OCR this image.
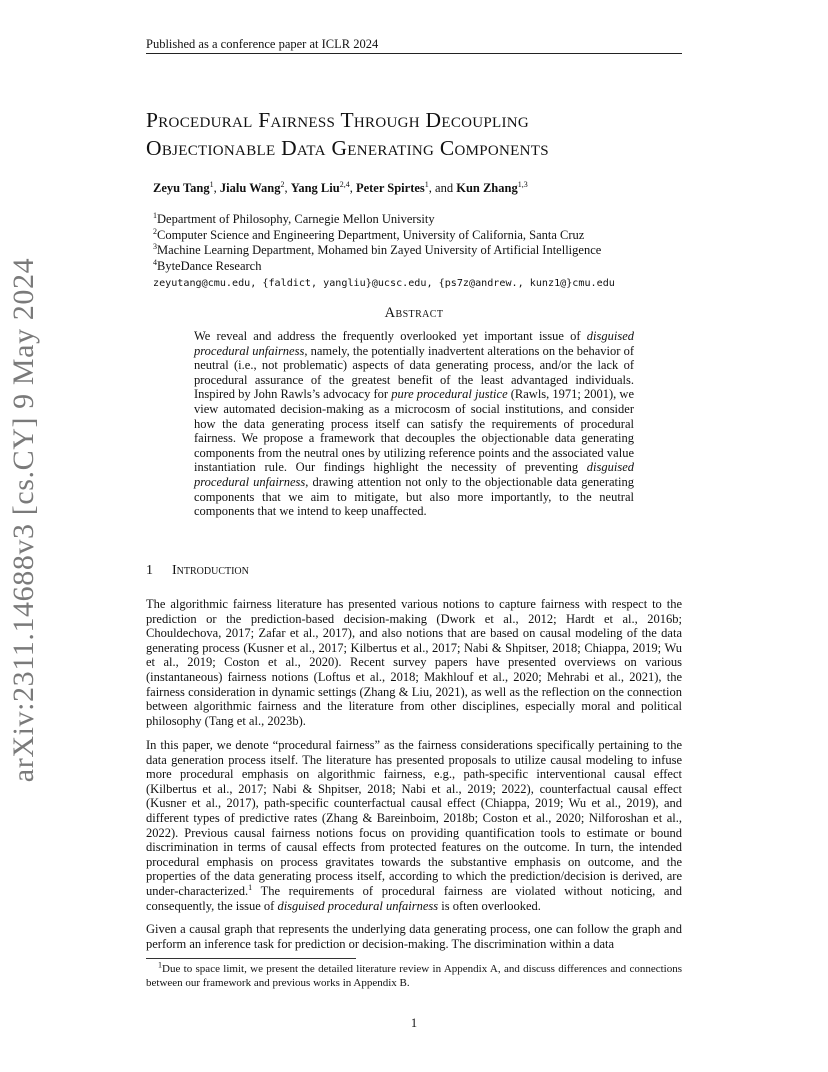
Published as a conference paper at ICLR 2024
Procedural Fairness Through Decoupling
Objectionable Data Generating Components
Zeyu Tang$^1$, Jialu Wang$^2$, Yang Liu$^{2,4}$, Peter Spirtes$^1$, and Kun Zhang$^{1,3}$
$^1$Department of Philosophy, Carnegie Mellon University
$^2$Computer Science and Engineering Department, University of California, Santa Cruz
$^3$Machine Learning Department, Mohamed bin Zayed University of Artificial Intelligence
$^4$ByteDance Research
zeyutang@cmu.edu, {faldict, yangliu}@ucsc.edu, {ps7z@andrew., kunz1@}cmu.edu
Abstract
We reveal and address the frequently overlooked yet important issue of disguised procedural unfairness, namely, the potentially inadvertent alterations on the behavior of neutral (i.e., not problematic) aspects of data generating process, and/or the lack of procedural assurance of the greatest benefit of the least advantaged individuals. Inspired by John Rawls’s advocacy for pure procedural justice (Rawls, 1971; 2001), we view automated decision-making as a microcosm of social institutions, and consider how the data generating process itself can satisfy the requirements of procedural fairness. We propose a framework that decouples the objectionable data generating components from the neutral ones by utilizing reference points and the associated value instantiation rule. Our findings highlight the necessity of preventing disguised procedural unfairness, drawing attention not only to the objectionable data generating components that we aim to mitigate, but also more importantly, to the neutral components that we intend to keep unaffected.
1 Introduction
The algorithmic fairness literature has presented various notions to capture fairness with respect to the prediction or the prediction-based decision-making (Dwork et al., 2012; Hardt et al., 2016b; Chouldechova, 2017; Zafar et al., 2017), and also notions that are based on causal modeling of the data generating process (Kusner et al., 2017; Kilbertus et al., 2017; Nabi & Shpitser, 2018; Chiappa, 2019; Wu et al., 2019; Coston et al., 2020). Recent survey papers have presented overviews on various (instantaneous) fairness notions (Loftus et al., 2018; Makhlouf et al., 2020; Mehrabi et al., 2021), the fairness consideration in dynamic settings (Zhang & Liu, 2021), as well as the reflection on the connection between algorithmic fairness and the literature from other disciplines, especially moral and political philosophy (Tang et al., 2023b).
In this paper, we denote “procedural fairness” as the fairness considerations specifically pertaining to the data generation process itself. The literature has presented proposals to utilize causal modeling to infuse more procedural emphasis on algorithmic fairness, e.g., path-specific interventional causal effect (Kilbertus et al., 2017; Nabi & Shpitser, 2018; Nabi et al., 2019; 2022), counterfactual causal effect (Kusner et al., 2017), path-specific counterfactual causal effect (Chiappa, 2019; Wu et al., 2019), and different types of predictive rates (Zhang & Bareinboim, 2018b; Coston et al., 2020; Nilforoshan et al., 2022). Previous causal fairness notions focus on providing quantification tools to estimate or bound discrimination in terms of causal effects from protected features on the outcome. In turn, the intended procedural emphasis on process gravitates towards the substantive emphasis on outcome, and the properties of the data generating process itself, according to which the prediction/decision is derived, are under-characterized.$^1$ The requirements of procedural fairness are violated without noticing, and consequently, the issue of disguised procedural unfairness is often overlooked.
Given a causal graph that represents the underlying data generating process, one can follow the graph and perform an inference task for prediction or decision-making. The discrimination within a data
$^1$Due to space limit, we present the detailed literature review in Appendix A, and discuss differences and connections between our framework and previous works in Appendix B.
1
arXiv:2311.14688v3 [cs.CY] 9 May 2024
